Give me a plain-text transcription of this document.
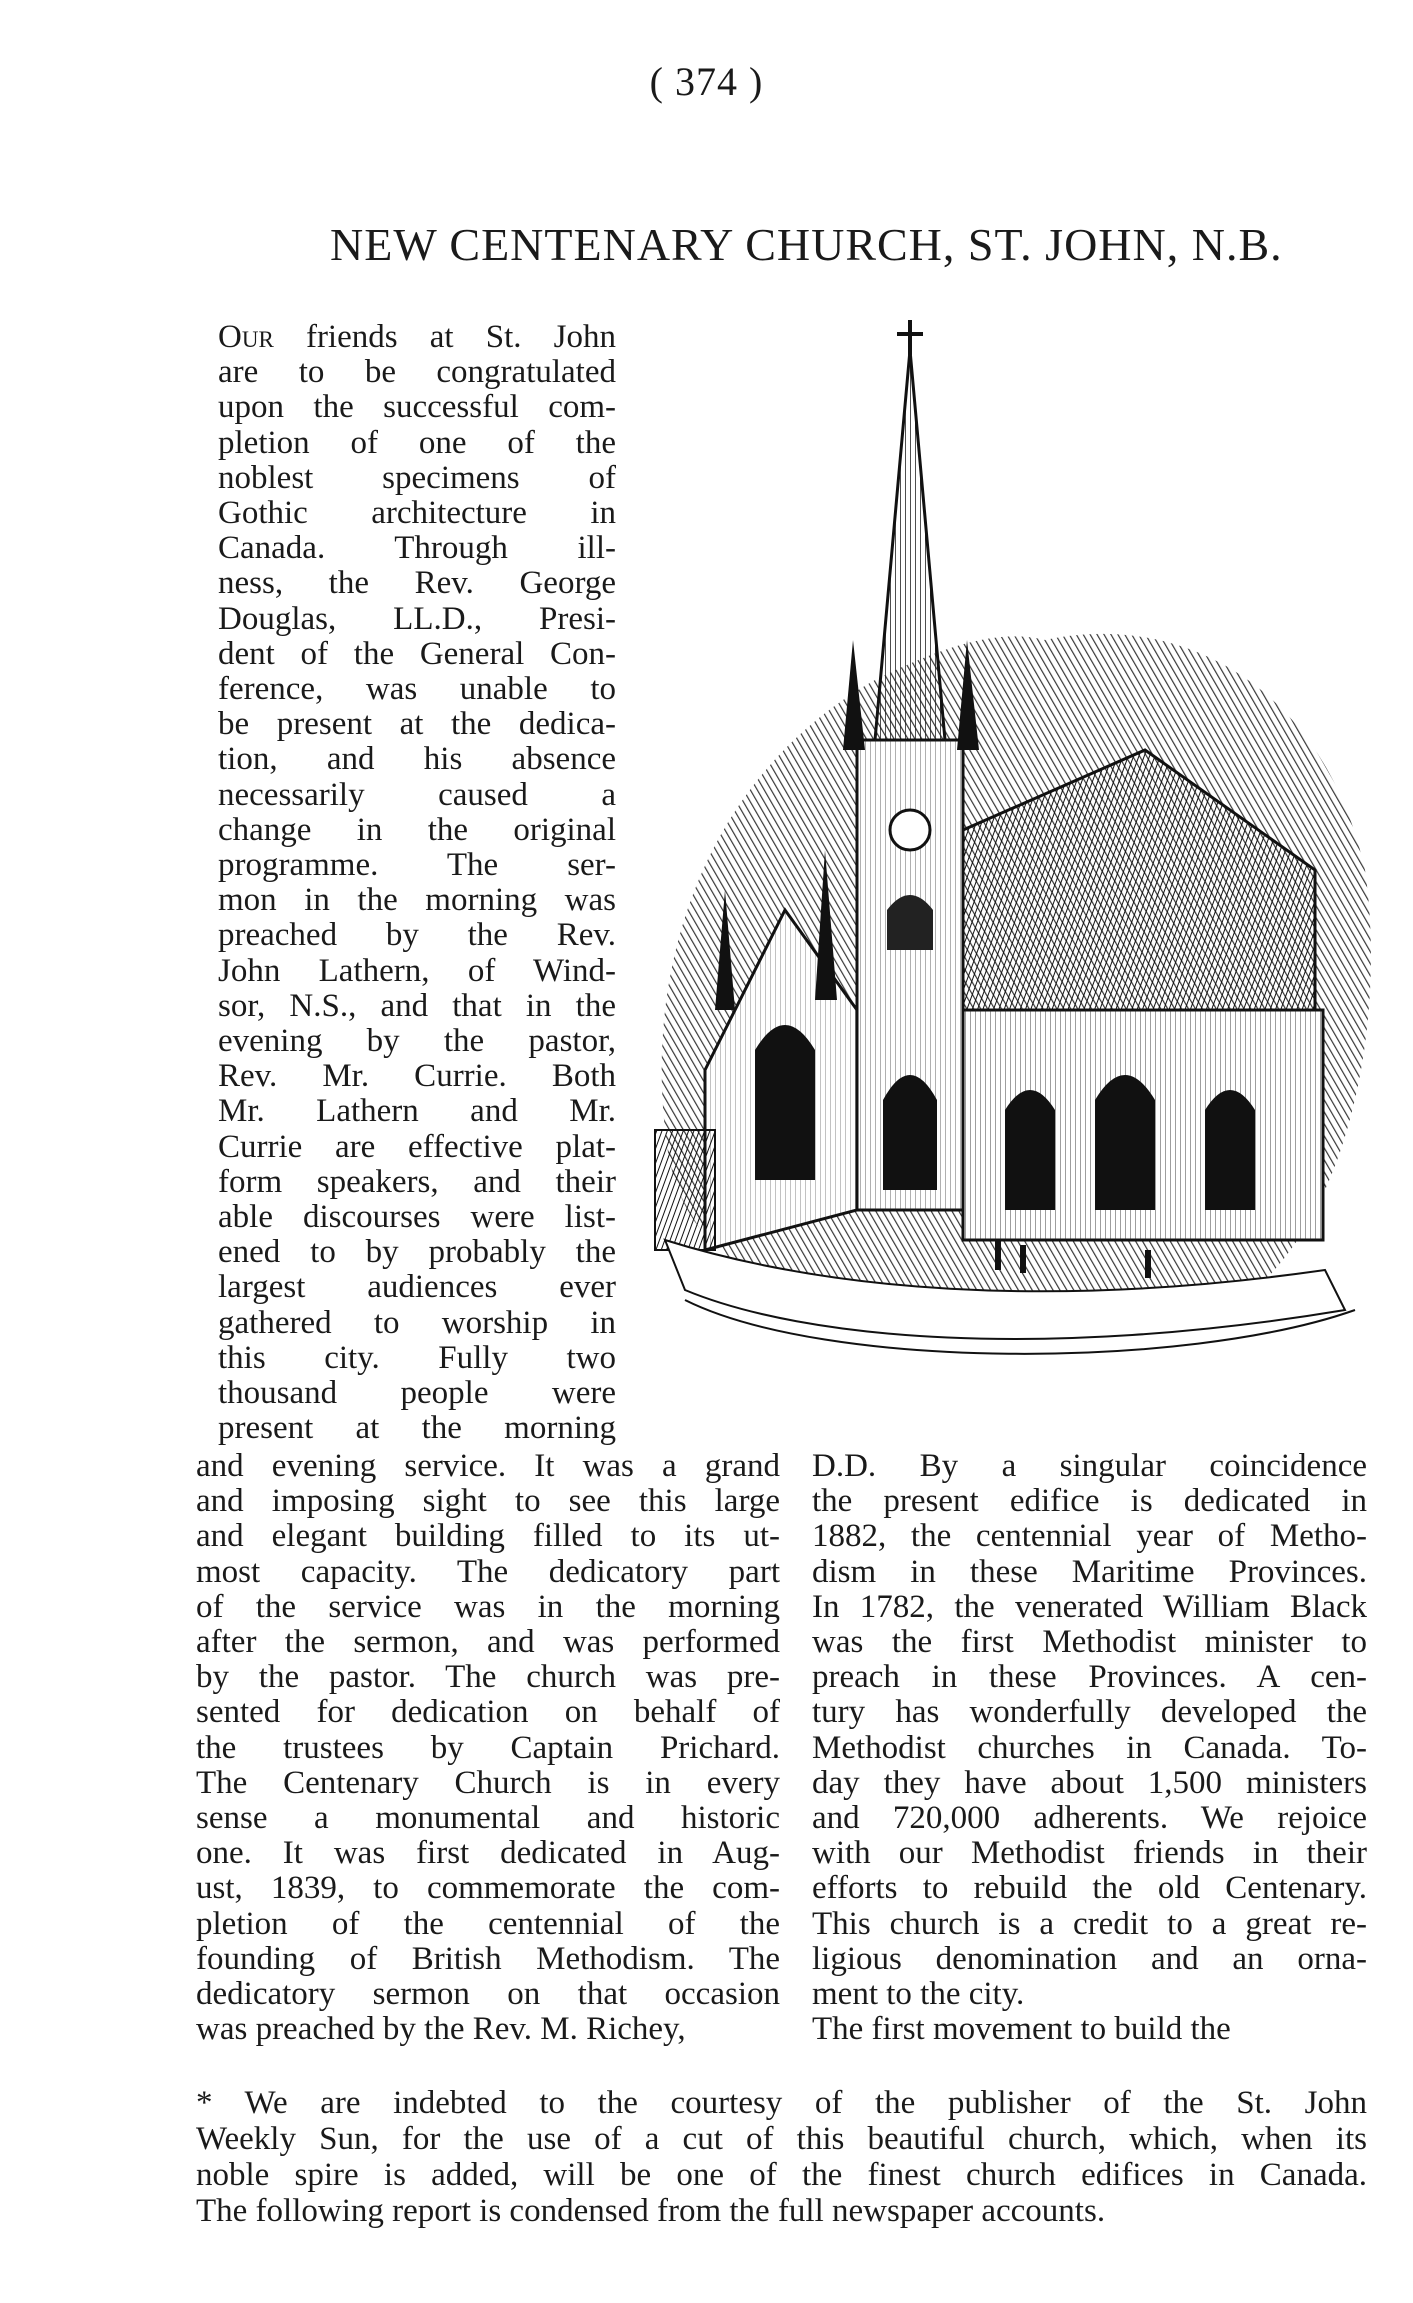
( 374 )
NEW CENTENARY CHURCH, ST. JOHN, N.B.
Our friends at St. John
are to be congratulated
upon the successful com-
pletion of one of the
noblest specimens of
Gothic architecture in
Canada. Through ill-
ness, the Rev. George
Douglas, LL.D., Presi-
dent of the General Con-
ference, was unable to
be present at the dedica-
tion, and his absence
necessarily caused a
change in the original
programme. The ser-
mon in the morning was
preached by the Rev.
John Lathern, of Wind-
sor, N.S., and that in the
evening by the pastor,
Rev. Mr. Currie. Both
Mr. Lathern and Mr.
Currie are effective plat-
form speakers, and their
able discourses were list-
ened to by probably the
largest audiences ever
gathered to worship in
this city. Fully two
thousand people were
present at the morning
and evening service. It was a grand
and imposing sight to see this large
and elegant building filled to its ut-
most capacity. The dedicatory part
of the service was in the morning
after the sermon, and was performed
by the pastor. The church was pre-
sented for dedication on behalf of
the trustees by Captain Prichard.
The Centenary Church is in every
sense a monumental and historic
one. It was first dedicated in Aug-
ust, 1839, to commemorate the com-
pletion of the centennial of the
founding of British Methodism. The
dedicatory sermon on that occasion
was preached by the Rev. M. Richey,
D.D. By a singular coincidence
the present edifice is dedicated in
1882, the centennial year of Metho-
dism in these Maritime Provinces.
In 1782, the venerated William Black
was the first Methodist minister to
preach in these Provinces. A cen-
tury has wonderfully developed the
Methodist churches in Canada. To-
day they have about 1,500 ministers
and 720,000 adherents. We rejoice
with our Methodist friends in their
efforts to rebuild the old Centenary.
This church is a credit to a great re-
ligious denomination and an orna-
ment to the city.
The first movement to build the
* We are indebted to the courtesy of the publisher of the St. John
Weekly Sun, for the use of a cut of this beautiful church, which, when its
noble spire is added, will be one of the finest church edifices in Canada.
The following report is condensed from the full newspaper accounts.
